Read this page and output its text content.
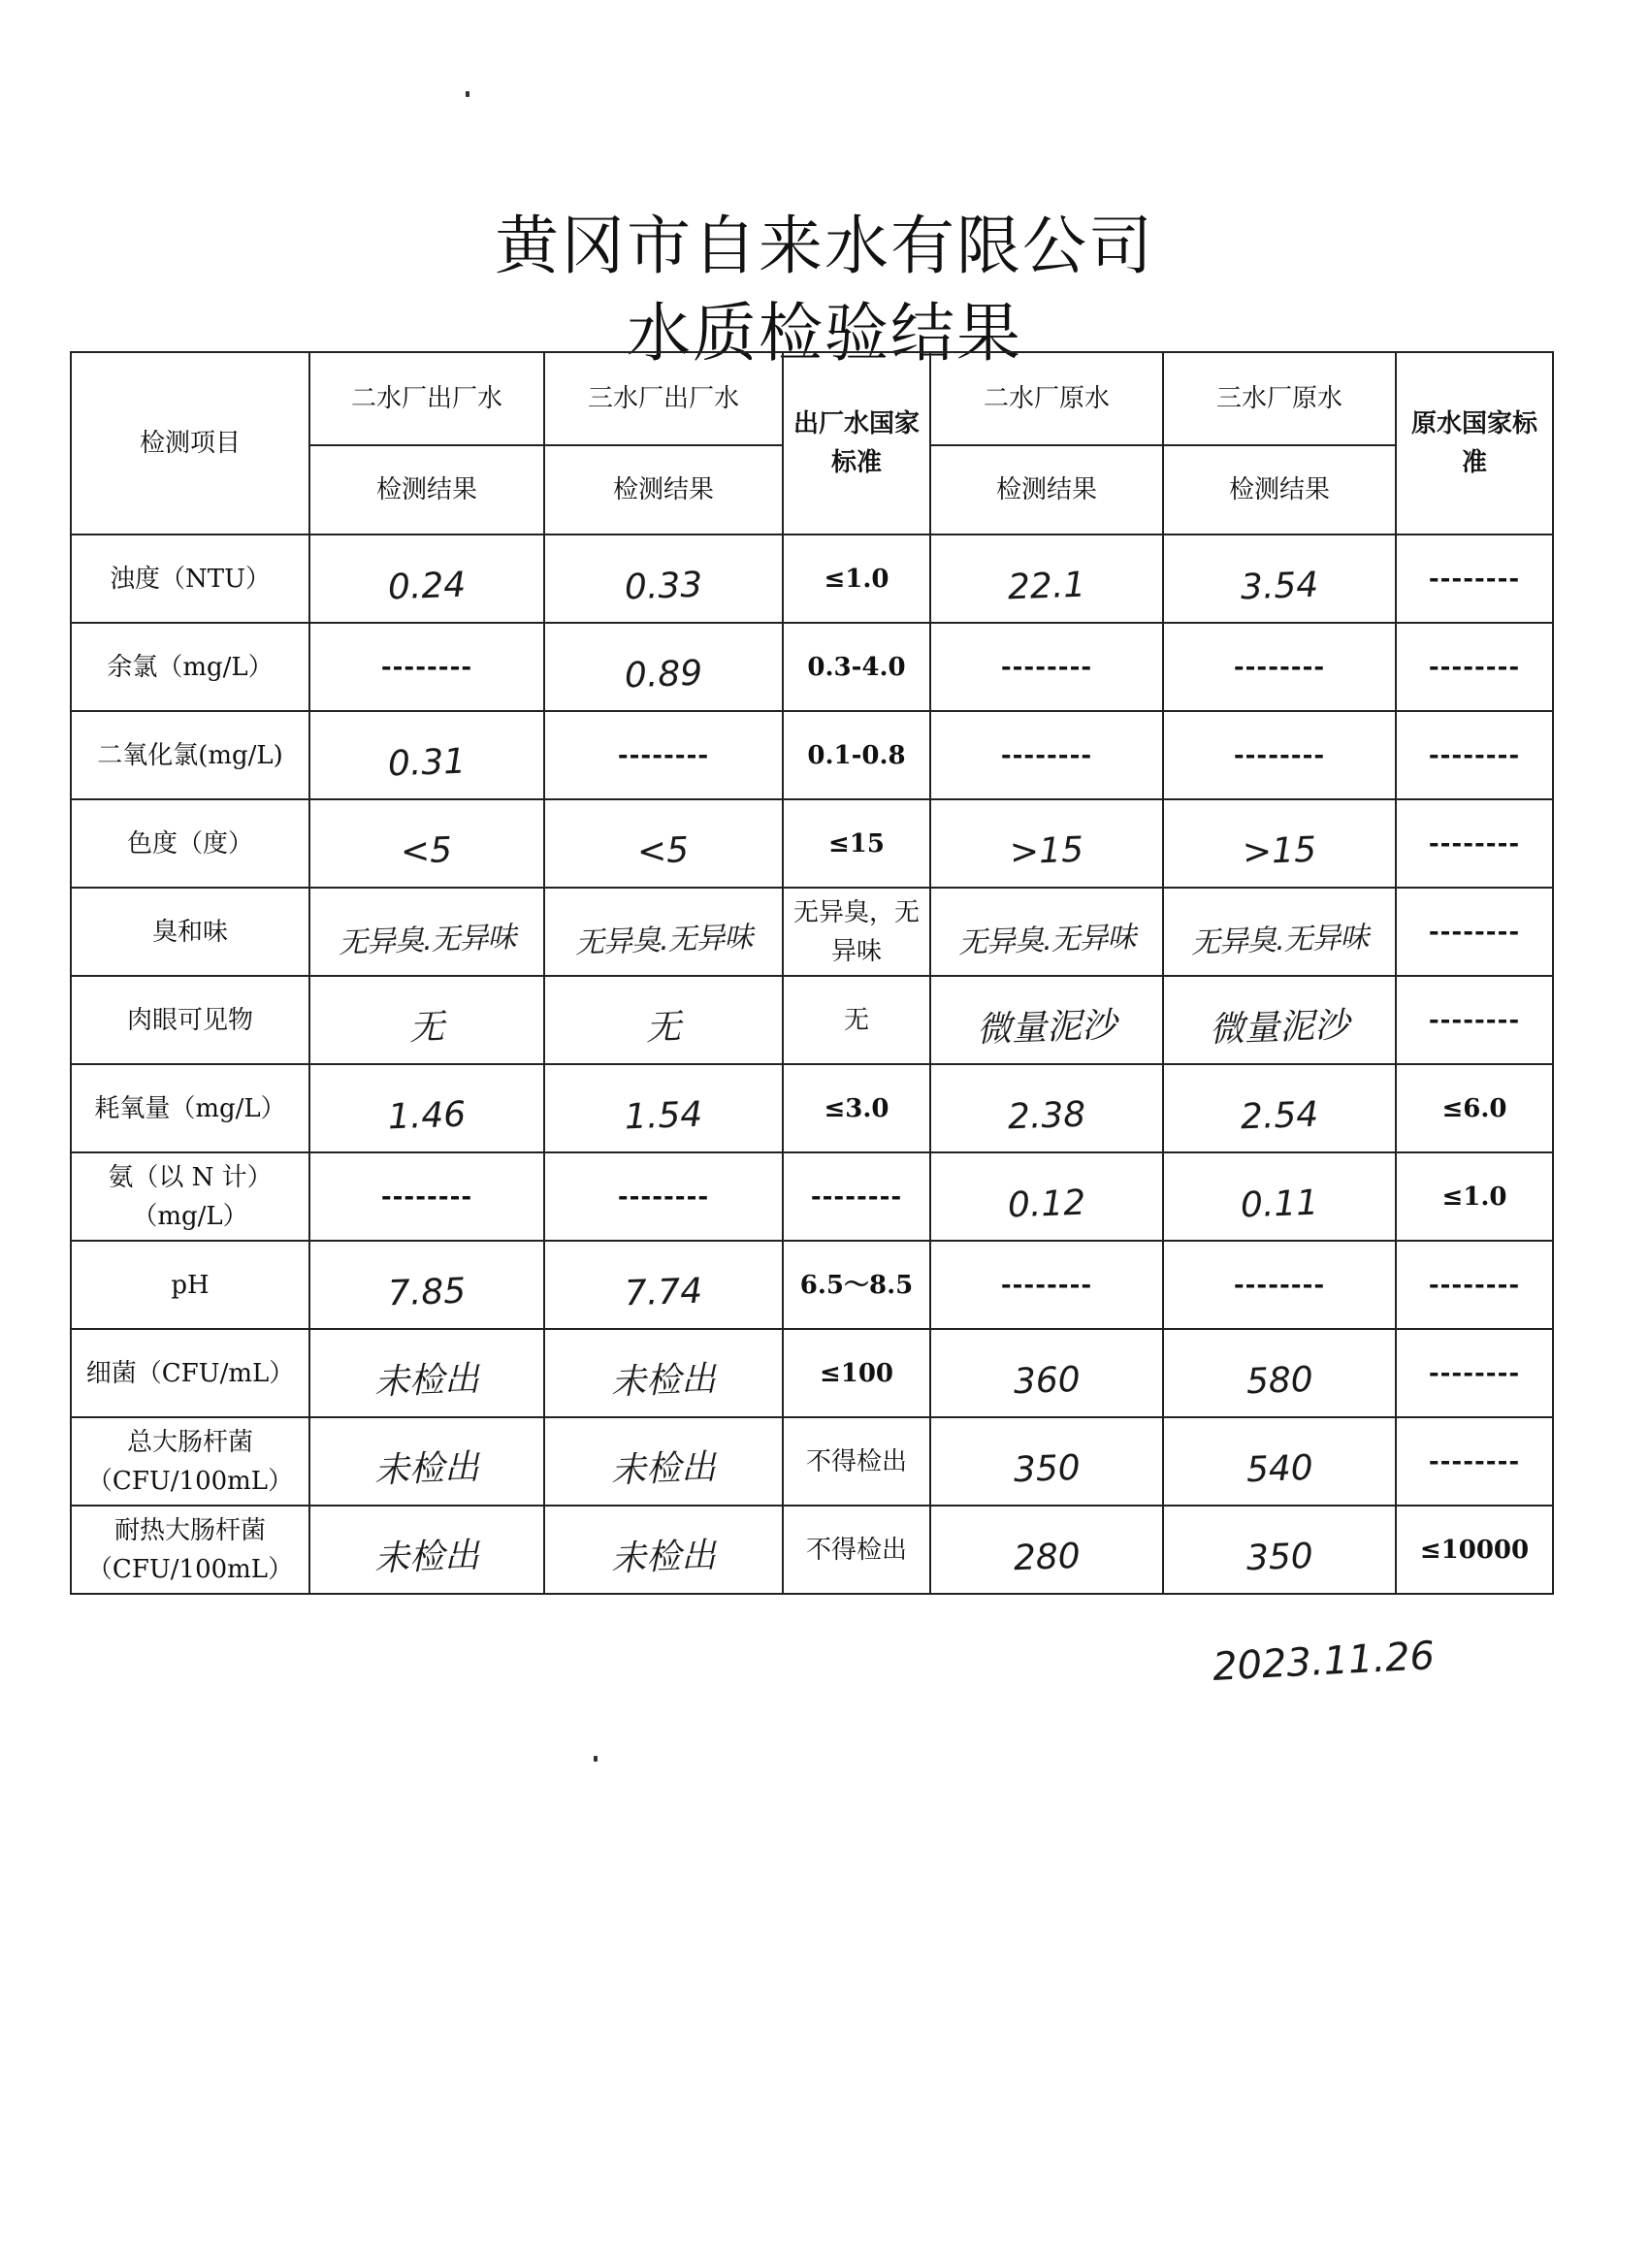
黄冈市自来水有限公司
水质检验结果
检测项目	二水厂出厂水	三水厂出厂水	出厂水国家标准	二水厂原水	三水厂原水	原水国家标准
	检测结果	检测结果		检测结果	检测结果	
浊度（NTU）	0.24	0.33	≤1.0	22.1	3.54	--------
余氯（mg/L）	--------	0.89	0.3-4.0	--------	--------	--------
二氧化氯(mg/L)	0.31	--------	0.1-0.8	--------	--------	--------
色度（度）	<5	<5	≤15	>15	>15	--------
臭和味	无异臭.无异味	无异臭.无异味	无异臭，无异味	无异臭.无异味	无异臭.无异味	--------
肉眼可见物	无	无	无	微量泥沙	微量泥沙	--------
耗氧量（mg/L）	1.46	1.54	≤3.0	2.38	2.54	≤6.0
氨（以 N 计）（mg/L）	--------	--------	--------	0.12	0.11	≤1.0
pH	7.85	7.74	6.5～8.5	--------	--------	--------
细菌（CFU/mL）	未检出	未检出	≤100	360	580	--------
总大肠杆菌（CFU/100mL）	未检出	未检出	不得检出	350	540	--------
耐热大肠杆菌（CFU/100mL）	未检出	未检出	不得检出	280	350	≤10000
2023.11.26
